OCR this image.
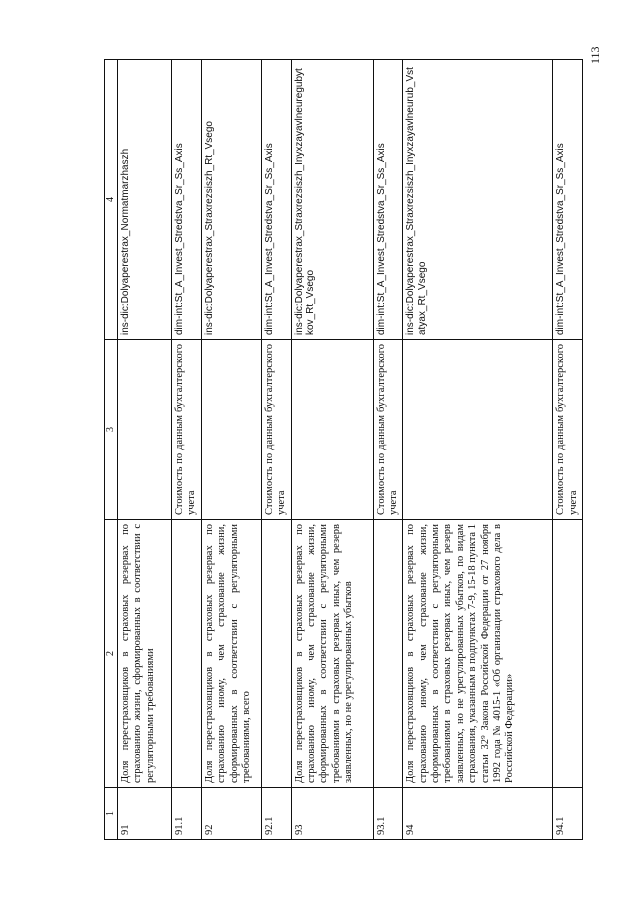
113
1	2	3	4
91	Доля перестраховщиков в страховых резервах по страхованию жизни, сформированных в соответствии с регуляторными требованиями		ins-dic:Dolyaperestrax_Normatmarzhaszh
91.1		Стоимость по данным бухгалтерского учета	dim-int:St_A_Invest_Stredstva_Sr_Ss_Axis
92	Доля перестраховщиков в страховых резервах по страхованию иному, чем страхование жизни, сформированных в соответствии с регуляторными требованиями, всего		ins-dic:Dolyaperestrax_Straxrezsiszh_Rt_Vsego
92.1		Стоимость по данным бухгалтерского учета	dim-int:St_A_Invest_Stredstva_Sr_Ss_Axis
93	Доля перестраховщиков в страховых резервах по страхованию иному, чем страхование жизни, сформированных в соответствии с регуляторными требованиями в страховых резервах иных, чем резерв заявленных, но не урегулированных убытков		ins-dic:Dolyaperestrax_Straxrezsiszh_Inyxzayavlneuregubyt kov_Rt_Vsego
93.1		Стоимость по данным бухгалтерского учета	dim-int:St_A_Invest_Stredstva_Sr_Ss_Axis
94	Доля перестраховщиков в страховых резервах по страхованию иному, чем страхование жизни, сформированных в соответствии с регуляторными требованиями в страховых резервах иных, чем резерв заявленных, но не урегулированных убытков, по видам страхования, указанным в подпунктах 7-9, 15-18 пункта 1 статьи 32⁹ Закона Российской Федерации от 27 ноября 1992 года № 4015-1 «Об организации страхового дела в Российской Федерации»		ins-dic:Dolyaperestrax_Straxrezsiszh_Inyxzayavlneurub_Vst atyax_Rt_Vsego
94.1		Стоимость по данным бухгалтерского учета	dim-int:St_A_Invest_Stredstva_Sr_Ss_Axis
